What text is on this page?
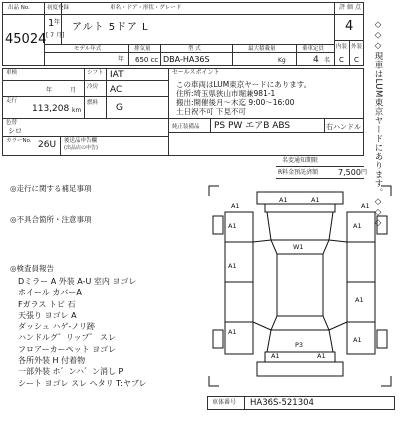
出品 No.
45024
初度登録
1 年
[ 7 月]
車名・ドア・形状・グレード
アルト 5ドア L
モデル年式	排気量	型 式	最大積載量	乗車定員
年 650 cc DBA-HA36S	Kg	4 名
評 価 点
4
内装 外装
C C ◇◇◇現車はLUM東京ヤードにあります。◇◇◇
車検
年	月
走行
113,208 km
色替
シロ
カラーNo. 26U
シフト IAT
冷房 AC
燃料 G
後送品申告欄
(出品店の申告)
セールスポイント
この車両はLUM東京ヤードにあります。
住所:埼玉県狭山市堀兼981-1
搬出:開催後月～木迄 9:00～16:00
土日祝不可 下見不可
純正装備品 PS PW エアB ABS	右ハンドル
名変通知期限
R料金預託済額 7,500 円
◎走行に関する補足事項
◎不具合箇所・注意事項
◎検査員報告
Dミラー A 外装 A-U 室内 ヨゴレ
ホイール カバーA
Fガラス トビ 石
天張り ヨゴレ A
ダッシュ ハゲ-ノリ跡
ハンドルグ゛リップ゛ スレ
フロアーカーペット ヨゴレ
各所外装 H 付着物
一部外装 ホ゛ンハ゛ン消し P
シート ヨゴレ スレ ヘタリ T:ヤブレ
A1
A1	A1
A1
A1	A1
A1
A1
A1
A1
A1
P3
A1
W1
車体番号 HA36S-521304
